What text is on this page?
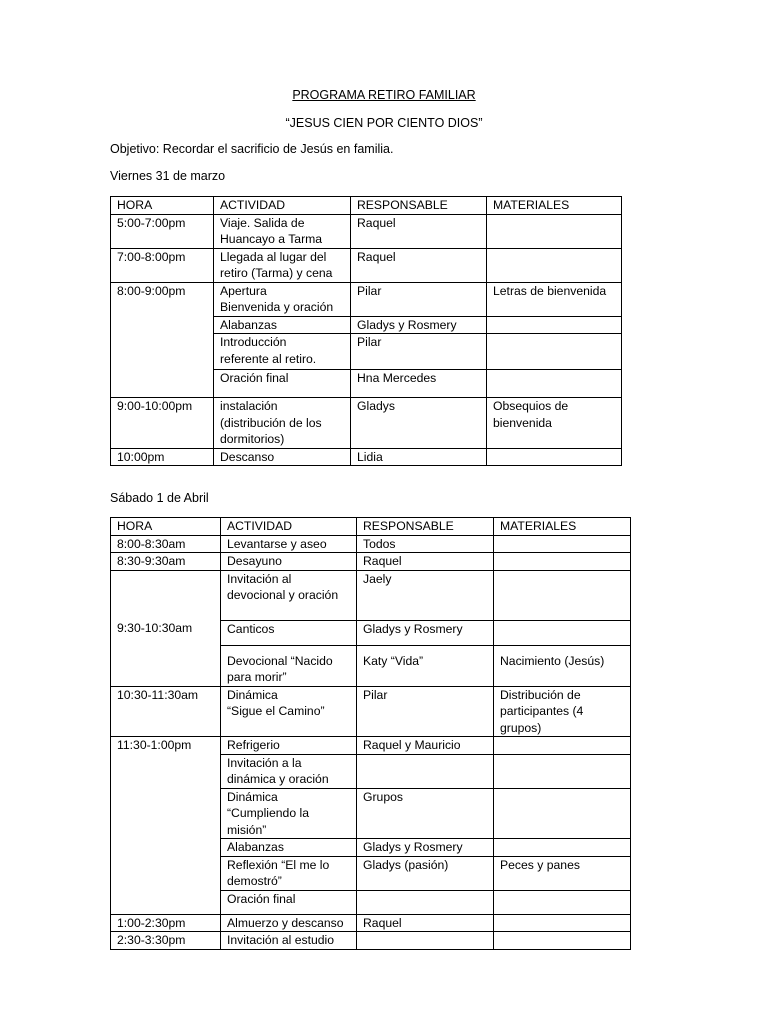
PROGRAMA RETIRO FAMILIAR
“JESUS CIEN POR CIENTO DIOS”
Objetivo: Recordar el sacrificio de Jesús en familia.
Viernes 31 de marzo
HORA	ACTIVIDAD	RESPONSABLE	MATERIALES
5:00-7:00pm	Viaje. Salida de
Huancayo a Tarma	Raquel	
7:00-8:00pm	Llegada al lugar del
retiro (Tarma) y cena	Raquel	
8:00-9:00pm	Apertura
Bienvenida y oración	Pilar	Letras de bienvenida
	Alabanzas	Gladys y Rosmery	
	Introducción
referente al retiro.	Pilar	
	Oración final	Hna Mercedes	
9:00-10:00pm	instalación
(distribución de los
dormitorios)	Gladys	Obsequios de
bienvenida
10:00pm	Descanso	Lidia	
Sábado 1 de Abril
HORA	ACTIVIDAD	RESPONSABLE	MATERIALES
8:00-8:30am	Levantarse y aseo	Todos	
8:30-9:30am	Desayuno	Raquel	
9:30-10:30am	Invitación al
devocional y oración	Jaely	
	Canticos	Gladys y Rosmery	
	Devocional “Nacido
para morir”	Katy “Vida”	Nacimiento (Jesús)
10:30-11:30am	Dinámica
“Sigue el Camino”	Pilar	Distribución de
participantes (4
grupos)
11:30-1:00pm	Refrigerio	Raquel y Mauricio	
	Invitación a la
dinámica y oración		
	Dinámica
“Cumpliendo la
misión”	Grupos	
	Alabanzas	Gladys y Rosmery	
	Reflexión “El me lo
demostró”	Gladys (pasión)	Peces y panes
	Oración final		
1:00-2:30pm	Almuerzo y descanso	Raquel	
2:30-3:30pm	Invitación al estudio		
